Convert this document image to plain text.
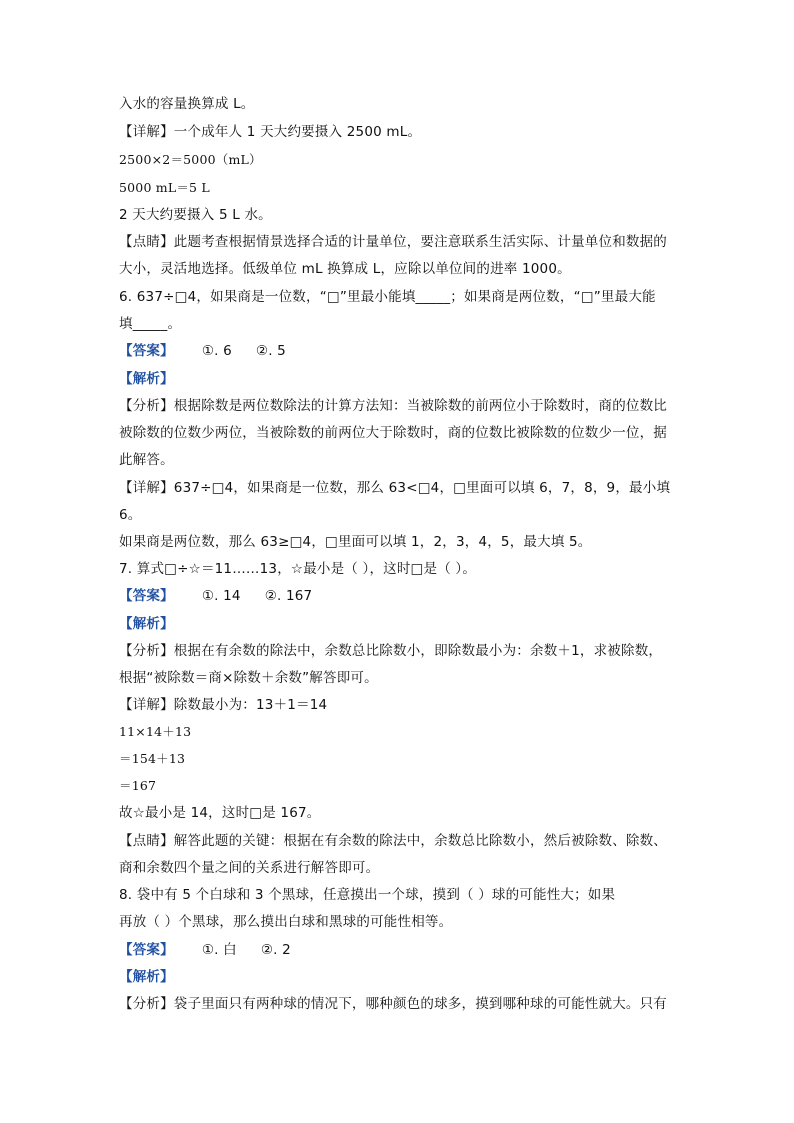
入水的容量换算成 L。
【详解】一个成年人 1 天大约要摄入 2500 mL。
2500×2＝5000（mL）
5000 mL＝5 L
2 天大约要摄入 5 L 水。
【点睛】此题考查根据情景选择合适的计量单位，要注意联系生活实际、计量单位和数据的
大小，灵活地选择。低级单位 mL 换算成 L，应除以单位间的进率 1000。
6. 637÷□4，如果商是一位数，“□”里最小能填_____；如果商是两位数，“□”里最大能
填_____。
【答案】 ①. 6 ②. 5
【解析】
【分析】根据除数是两位数除法的计算方法知：当被除数的前两位小于除数时，商的位数比
被除数的位数少两位，当被除数的前两位大于除数时，商的位数比被除数的位数少一位，据
此解答。
【详解】637÷□4，如果商是一位数，那么 63<□4，□里面可以填 6，7，8，9，最小填
6。
如果商是两位数，那么 63≥□4，□里面可以填 1，2，3，4，5，最大填 5。
7. 算式□÷☆＝11……13，☆最小是（ ），这时□是（ ）。
【答案】 ①. 14 ②. 167
【解析】
【分析】根据在有余数的除法中，余数总比除数小，即除数最小为：余数＋1，求被除数，
根据“被除数＝商×除数＋余数”解答即可。
【详解】除数最小为：13＋1＝14
11×14＋13
＝154＋13
＝167
故☆最小是 14，这时□是 167。
【点睛】解答此题的关键：根据在有余数的除法中，余数总比除数小，然后被除数、除数、
商和余数四个量之间的关系进行解答即可。
8. 袋中有 5 个白球和 3 个黑球，任意摸出一个球，摸到（ ）球的可能性大；如果
再放（ ）个黑球，那么摸出白球和黑球的可能性相等。
【答案】 ①. 白 ②. 2
【解析】
【分析】袋子里面只有两种球的情况下，哪种颜色的球多，摸到哪种球的可能性就大。只有
